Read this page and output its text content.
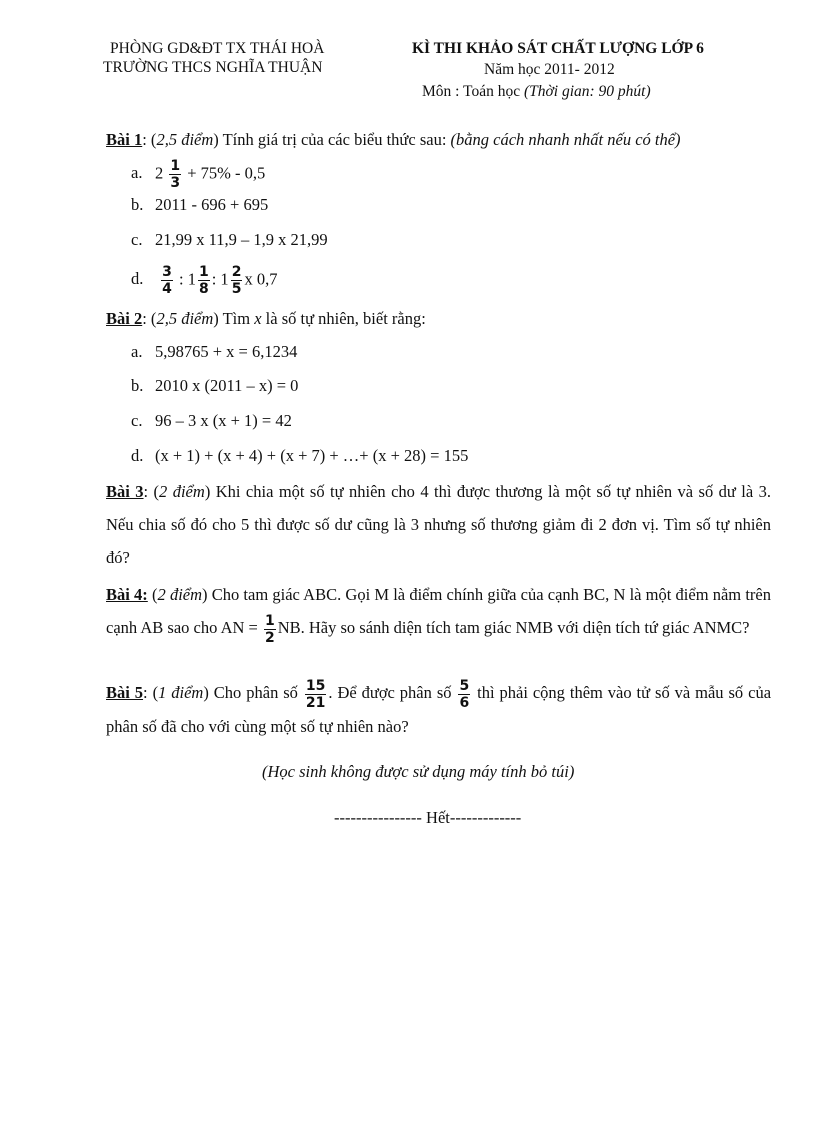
PHÒNG GD&ĐT TX THÁI HOÀ
TRƯỜNG THCS NGHĨA THUẬN
KÌ THI KHẢO SÁT CHẤT LƯỢNG LỚP 6
Năm học 2011- 2012
Môn : Toán học (Thời gian: 90 phút)
Bài 1: (2,5 điểm) Tính giá trị của các biểu thức sau: (bằng cách nhanh nhất nếu có thể)
a. $2 \frac{1}{3} + 75\% - 0,5$
b. 2011 - 696 + 695
c. 21,99 x 11,9 – 1,9 x 21,99
d. $\frac{3}{4}$ : $1 \frac{1}{8}$ : $1 \frac{2}{5}$ x 0,7
Bài 2: (2,5 điểm) Tìm x là số tự nhiên, biết rằng:
a. 5,98765 + x = 6,1234
b. 2010 x (2011 – x) = 0
c. 96 – 3 x (x + 1) = 42
d. (x + 1) + (x + 4) + (x + 7) + …+ (x + 28) = 155
Bài 3: (2 điểm) Khi chia một số tự nhiên cho 4 thì được thương là một số tự nhiên và số dư là 3. Nếu chia số đó cho 5 thì được số dư cũng là 3 nhưng số thương giảm đi 2 đơn vị. Tìm số tự nhiên đó?
Bài 4: (2 điểm) Cho tam giác ABC. Gọi M là điểm chính giữa của cạnh BC, N là một điểm nằm trên cạnh AB sao cho AN = $\frac{1}{2}$ NB. Hãy so sánh diện tích tam giác NMB với diện tích tứ giác ANMC?
Bài 5: (1 điểm) Cho phân số $\frac{15}{21}$ . Để được phân số $\frac{5}{6}$ thì phải cộng thêm vào tử số và mẫu số của phân số đã cho với cùng một số tự nhiên nào?
(Học sinh không được sử dụng máy tính bỏ túi)
---------------- Hết-------------
